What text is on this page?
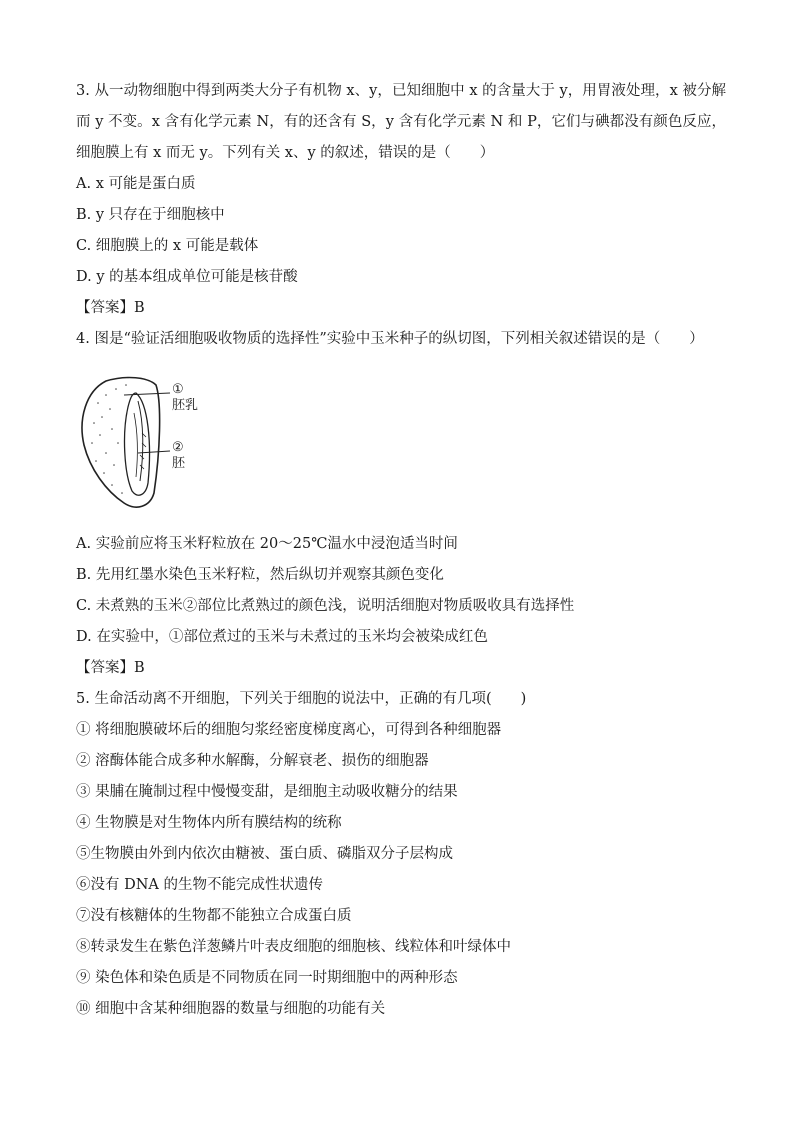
3. 从一动物细胞中得到两类大分子有机物 x、y，已知细胞中 x 的含量大于 y，用胃液处理，x 被分解而 y 不变。x 含有化学元素 N，有的还含有 S，y 含有化学元素 N 和 P，它们与碘都没有颜色反应，细胞膜上有 x 而无 y。下列有关 x、y 的叙述，错误的是（　　）
A. x 可能是蛋白质
B. y 只存在于细胞核中
C. 细胞膜上的 x 可能是载体
D. y 的基本组成单位可能是核苷酸
【答案】B
4. 图是“验证活细胞吸收物质的选择性”实验中玉米种子的纵切图，下列相关叙述错误的是（　　）
①
胚乳
②
胚
A. 实验前应将玉米籽粒放在 20～25℃温水中浸泡适当时间
B. 先用红墨水染色玉米籽粒，然后纵切并观察其颜色变化
C. 未煮熟的玉米②部位比煮熟过的颜色浅，说明活细胞对物质吸收具有选择性
D. 在实验中，①部位煮过的玉米与未煮过的玉米均会被染成红色
【答案】B
5. 生命活动离不开细胞，下列关于细胞的说法中，正确的有几项(　　)
① 将细胞膜破坏后的细胞匀浆经密度梯度离心，可得到各种细胞器
② 溶酶体能合成多种水解酶，分解衰老、损伤的细胞器
③ 果脯在腌制过程中慢慢变甜，是细胞主动吸收糖分的结果
④ 生物膜是对生物体内所有膜结构的统称
⑤生物膜由外到内依次由糖被、蛋白质、磷脂双分子层构成
⑥没有 DNA 的生物不能完成性状遗传
⑦没有核糖体的生物都不能独立合成蛋白质
⑧转录发生在紫色洋葱鳞片叶表皮细胞的细胞核、线粒体和叶绿体中
⑨ 染色体和染色质是不同物质在同一时期细胞中的两种形态
⑩ 细胞中含某种细胞器的数量与细胞的功能有关
